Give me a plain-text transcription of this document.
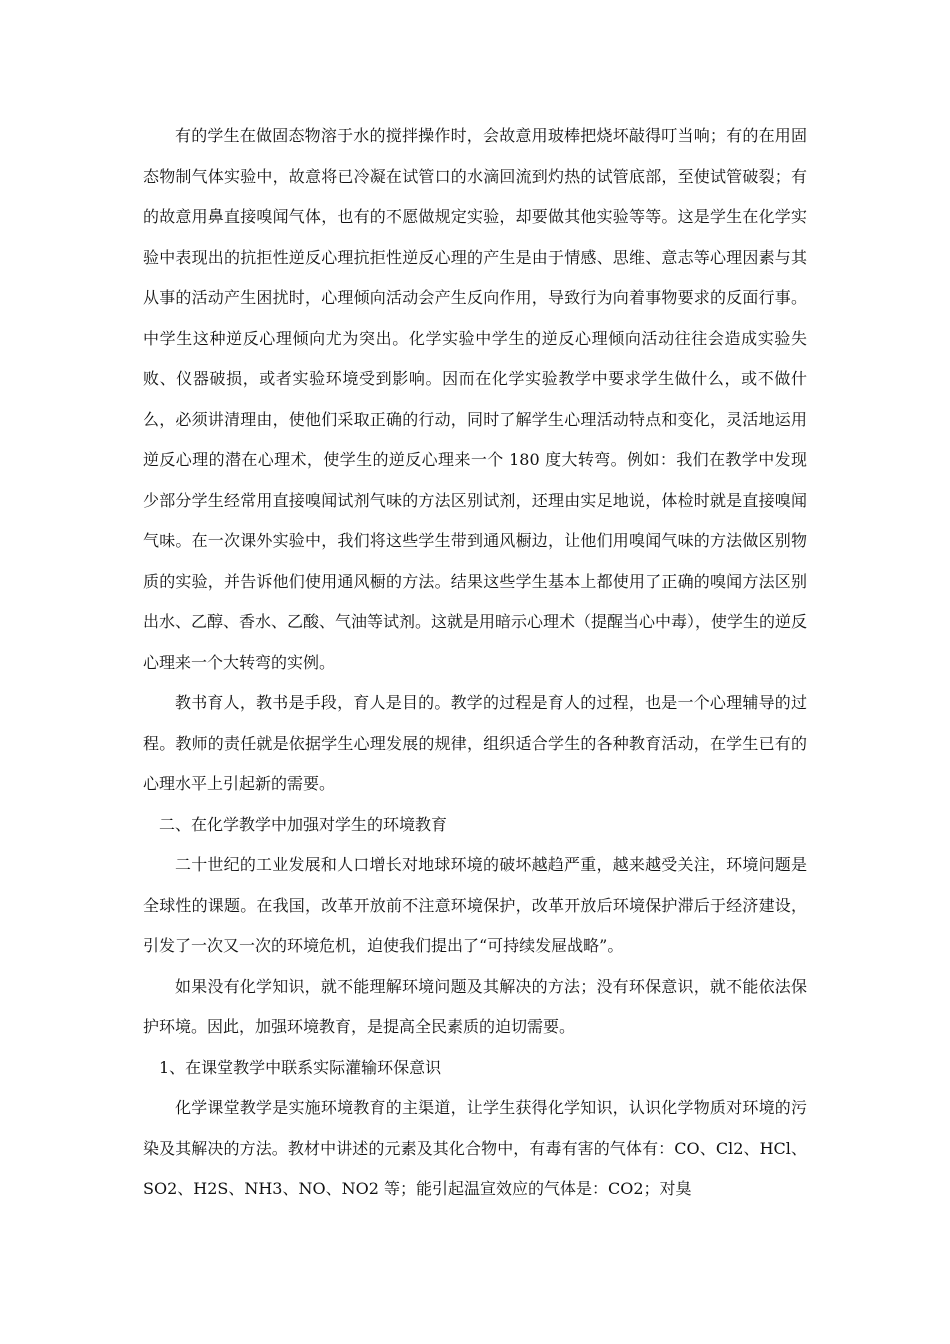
有的学生在做固态物溶于水的搅拌操作时，会故意用玻棒把烧坏敲得叮当响；有的在用固态物制气体实验中，故意将已冷凝在试管口的水滴回流到灼热的试管底部，至使试管破裂；有的故意用鼻直接嗅闻气体，也有的不愿做规定实验，却要做其他实验等等。这是学生在化学实验中表现出的抗拒性逆反心理抗拒性逆反心理的产生是由于情感、思维、意志等心理因素与其从事的活动产生困扰时，心理倾向活动会产生反向作用，导致行为向着事物要求的反面行事。中学生这种逆反心理倾向尤为突出。化学实验中学生的逆反心理倾向活动往往会造成实验失败、仪器破损，或者实验环境受到影响。因而在化学实验教学中要求学生做什么，或不做什么，必须讲清理由，使他们采取正确的行动，同时了解学生心理活动特点和变化，灵活地运用逆反心理的潜在心理术，使学生的逆反心理来一个 180 度大转弯。例如：我们在教学中发现少部分学生经常用直接嗅闻试剂气味的方法区别试剂，还理由实足地说，体检时就是直接嗅闻气味。在一次课外实验中，我们将这些学生带到通风橱边，让他们用嗅闻气味的方法做区别物质的实验，并告诉他们使用通风橱的方法。结果这些学生基本上都使用了正确的嗅闻方法区别出水、乙醇、香水、乙酸、气油等试剂。这就是用暗示心理术（提醒当心中毒），使学生的逆反心理来一个大转弯的实例。

教书育人，教书是手段，育人是目的。教学的过程是育人的过程，也是一个心理辅导的过程。教师的责任就是依据学生心理发展的规律，组织适合学生的各种教育活动，在学生已有的心理水平上引起新的需要。

二、在化学教学中加强对学生的环境教育

二十世纪的工业发展和人口增长对地球环境的破坏越趋严重，越来越受关注，环境问题是全球性的课题。在我国，改革开放前不注意环境保护，改革开放后环境保护滞后于经济建设，引发了一次又一次的环境危机，迫使我们提出了“可持续发屉战略”。

如果没有化学知识，就不能理解环境问题及其解决的方法；没有环保意识，就不能依法保护环境。因此，加强环境教育，是提高全民素质的迫切需要。

1、在课堂教学中联系实际灌输环保意识

化学课堂教学是实施环境教育的主渠道，让学生获得化学知识，认识化学物质对环境的污染及其解决的方法。教材中讲述的元素及其化合物中，有毒有害的气体有：CO、Cl2、HCl、SO2、H2S、NH3、NO、NO2 等；能引起温宣效应的气体是：CO2；对臭
